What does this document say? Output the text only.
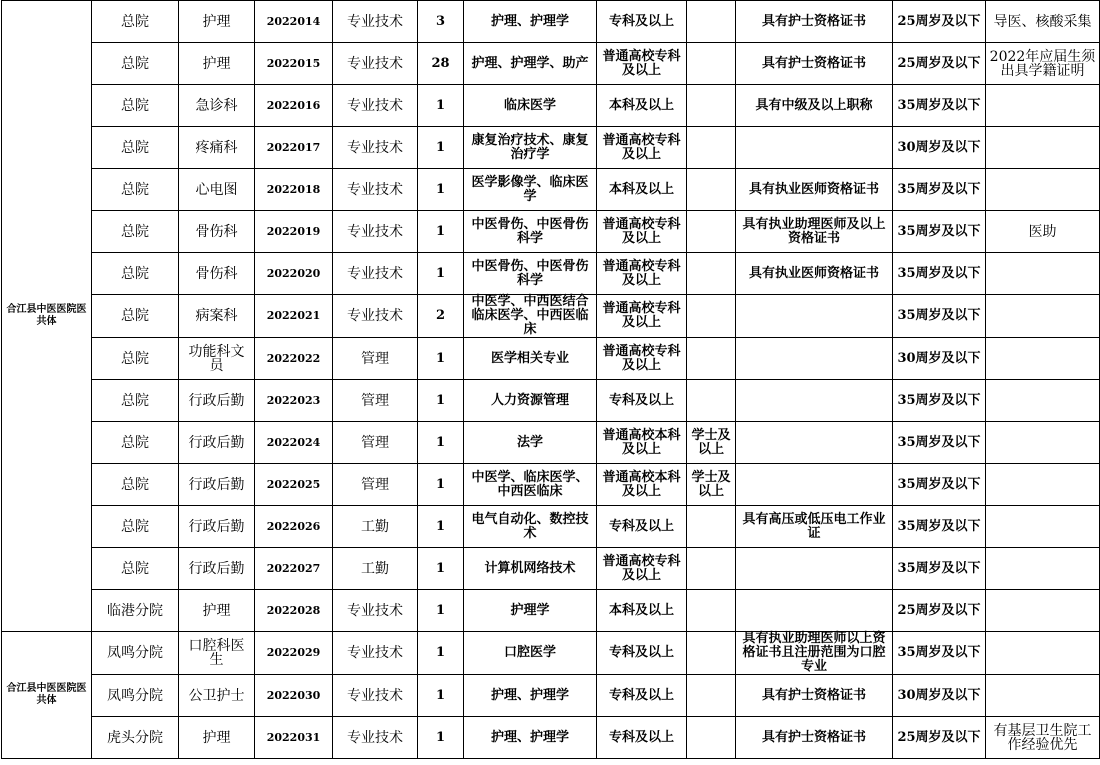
合江县中医医院医共体	总院	护理	2022014	专业技术	3	护理、护理学	专科及以上		具有护士资格证书	25周岁及以下	导医、核酸采集
	总院	护理	2022015	专业技术	28	护理、护理学、助产	普通高校专科及以上		具有护士资格证书	25周岁及以下	2022年应届生须出具学籍证明
	总院	急诊科	2022016	专业技术	1	临床医学	本科及以上		具有中级及以上职称	35周岁及以下	
	总院	疼痛科	2022017	专业技术	1	康复治疗技术、康复治疗学	普通高校专科及以上			30周岁及以下	
	总院	心电图	2022018	专业技术	1	医学影像学、临床医学	本科及以上		具有执业医师资格证书	35周岁及以下	
	总院	骨伤科	2022019	专业技术	1	中医骨伤、中医骨伤科学	普通高校专科及以上		具有执业助理医师及以上资格证书	35周岁及以下	医助
	总院	骨伤科	2022020	专业技术	1	中医骨伤、中医骨伤科学	普通高校专科及以上		具有执业医师资格证书	35周岁及以下	
	总院	病案科	2022021	专业技术	2	中医学、中西医结合临床医学、中西医临床	普通高校专科及以上			35周岁及以下	
	总院	功能科文员	2022022	管理	1	医学相关专业	普通高校专科及以上			30周岁及以下	
	总院	行政后勤	2022023	管理	1	人力资源管理	专科及以上			35周岁及以下	
	总院	行政后勤	2022024	管理	1	法学	普通高校本科及以上	学士及以上		35周岁及以下	
	总院	行政后勤	2022025	管理	1	中医学、临床医学、中西医临床	普通高校本科及以上	学士及以上		35周岁及以下	
	总院	行政后勤	2022026	工勤	1	电气自动化、数控技术	专科及以上		具有高压或低压电工作业证	35周岁及以下	
	总院	行政后勤	2022027	工勤	1	计算机网络技术	普通高校专科及以上			35周岁及以下	
	临港分院	护理	2022028	专业技术	1	护理学	本科及以上			25周岁及以下	
合江县中医医院医共体	凤鸣分院	口腔科医生	2022029	专业技术	1	口腔医学	专科及以上		具有执业助理医师以上资格证书且注册范围为口腔专业	35周岁及以下	
	凤鸣分院	公卫护士	2022030	专业技术	1	护理、护理学	专科及以上		具有护士资格证书	30周岁及以下	
	虎头分院	护理	2022031	专业技术	1	护理、护理学	专科及以上		具有护士资格证书	25周岁及以下	有基层卫生院工作经验优先
